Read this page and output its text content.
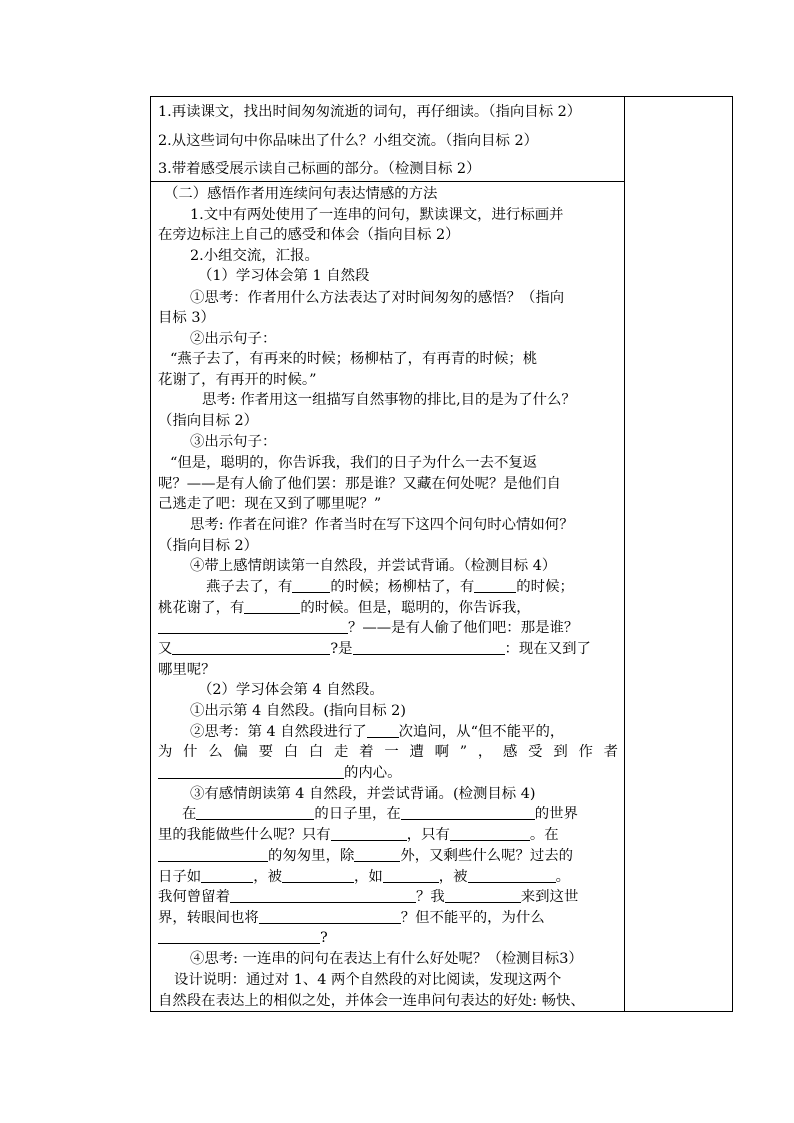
1.再读课文，找出时间匆匆流逝的词句，再仔细读。（指向目标 2）
2.从这些词句中你品味出了什么？小组交流。（指向目标 2）
3.带着感受展示读自己标画的部分。（检测目标 2）
（二）感悟作者用连续问句表达情感的方法
1.文中有两处使用了一连串的问句，默读课文，进行标画并
在旁边标注上自己的感受和体会（指向目标 2）
2.小组交流，汇报。
（1）学习体会第 1 自然段
①思考：作者用什么方法表达了对时间匆匆的感悟？（指向
目标 3）
②出示句子：
“燕子去了，有再来的时候；杨柳枯了，有再青的时候；桃
花谢了，有再开的时候。”
思考: 作者用这一组描写自然事物的排比,目的是为了什么？
（指向目标 2）
③出示句子：
“但是，聪明的，你告诉我，我们的日子为什么一去不复返
呢？——是有人偷了他们罢：那是谁？又藏在何处呢？是他们自
己逃走了吧：现在又到了哪里呢？”
思考: 作者在问谁？作者当时在写下这四个问句时心情如何？
（指向目标 2）
④带上感情朗读第一自然段，并尝试背诵。（检测目标 4）
燕子去了，有	的时候；杨柳枯了，有	的时候；
桃花谢了，有	的时候。但是，聪明的，你告诉我，
？——是有人偷了他们吧：那是谁？
又	?是	：现在又到了
哪里呢？
（2）学习体会第 4 自然段。
①出示第 4 自然段。(指向目标 2)
②思考：第 4 自然段进行了 次追问，从“但不能平的，
为什么偏要白白走着一遭啊”，感受到作者
的内心。
③有感情朗读第 4 自然段，并尝试背诵。(检测目标 4)
在	的日子里，在	的世界
里的我能做些什么呢？只有	，只有	。在
的匆匆里，除	外，又剩些什么呢？过去的
日子如	，被	，如	，被	。
我何曾留着	？我	来到这世
界，转眼间也将	？但不能平的，为什么
?
④思考: 一连串的问句在表达上有什么好处呢？（检测目标3）
设计说明：通过对 1、4 两个自然段的对比阅读，发现这两个
自然段在表达上的相似之处，并体会一连串问句表达的好处: 畅快、
